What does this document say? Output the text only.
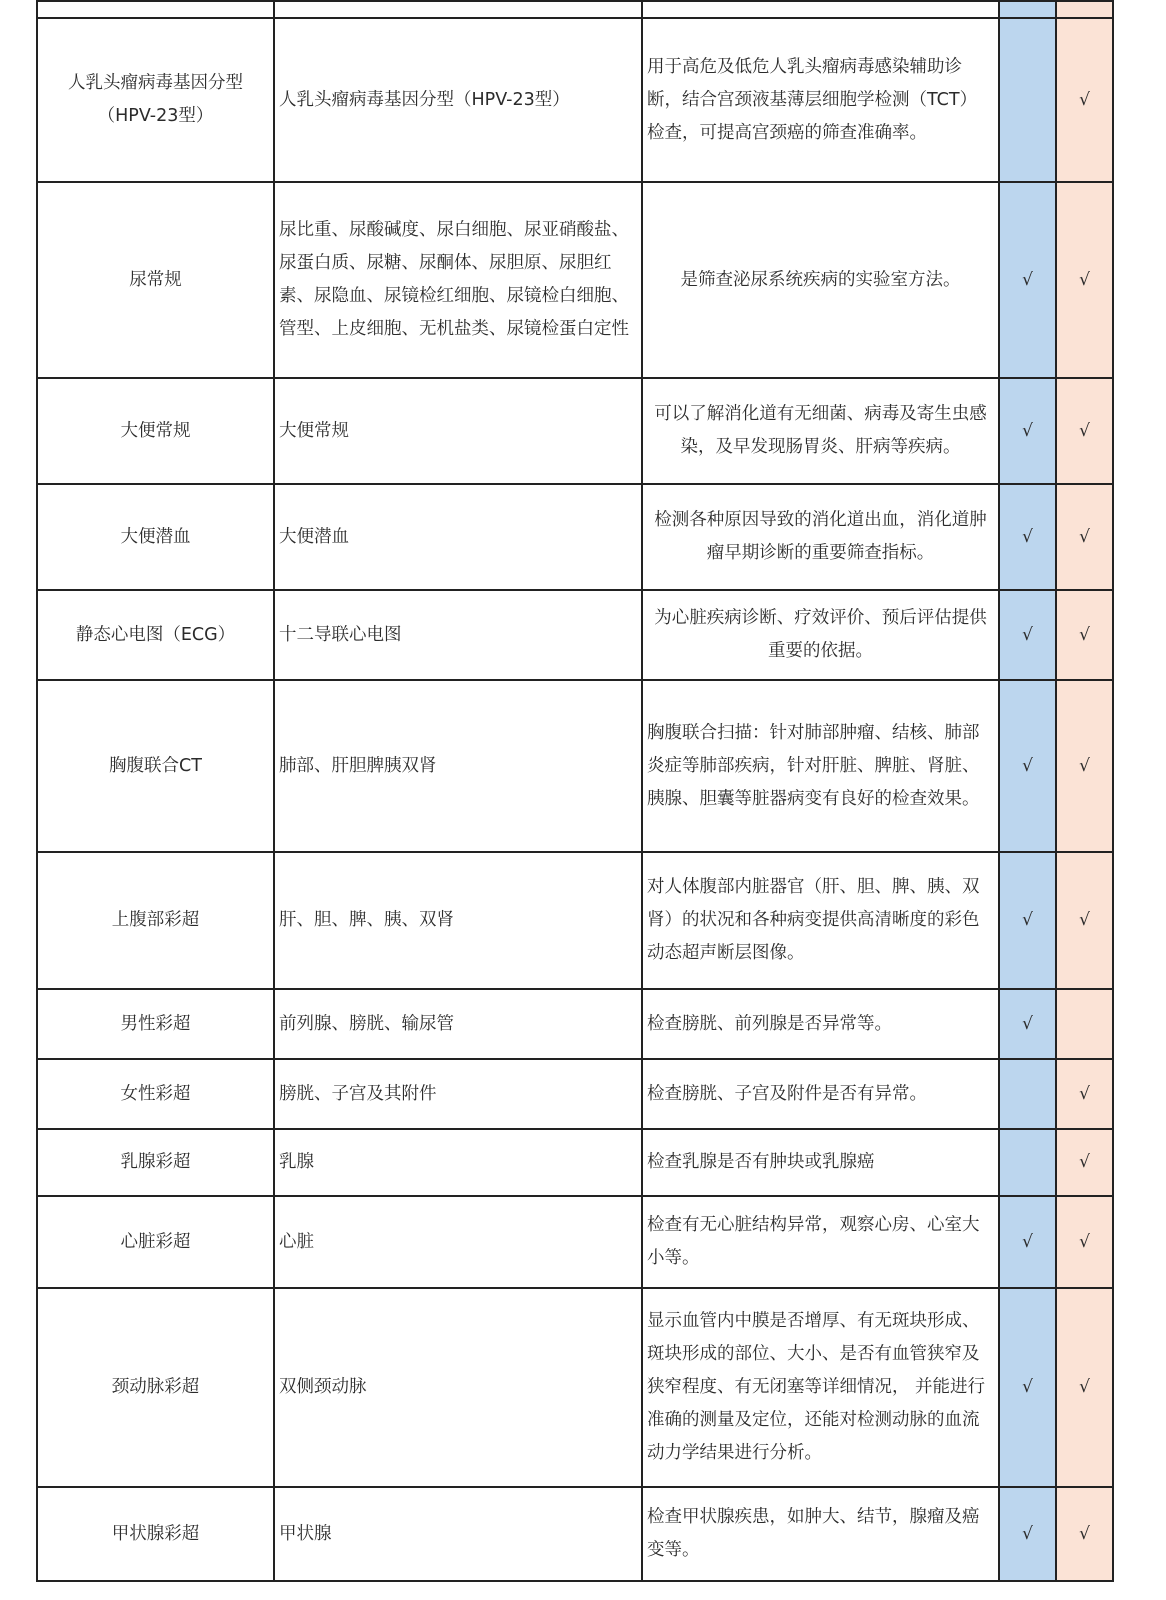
人乳头瘤病毒基因分型（HPV-23型）	人乳头瘤病毒基因分型（HPV-23型）	用于高危及低危人乳头瘤病毒感染辅助诊断，结合宫颈液基薄层细胞学检测（TCT）检查，可提高宫颈癌的筛查准确率。		√
尿常规	尿比重、尿酸碱度、尿白细胞、尿亚硝酸盐、尿蛋白质、尿糖、尿酮体、尿胆原、尿胆红素、尿隐血、尿镜检红细胞、尿镜检白细胞、管型、上皮细胞、无机盐类、尿镜检蛋白定性	是筛查泌尿系统疾病的实验室方法。	√	√
大便常规	大便常规	可以了解消化道有无细菌、病毒及寄生虫感染，及早发现肠胃炎、肝病等疾病。	√	√
大便潜血	大便潜血	检测各种原因导致的消化道出血，消化道肿瘤早期诊断的重要筛查指标。	√	√
静态心电图（ECG）	十二导联心电图	为心脏疾病诊断、疗效评价、预后评估提供重要的依据。	√	√
胸腹联合CT	肺部、肝胆脾胰双肾	胸腹联合扫描：针对肺部肿瘤、结核、肺部炎症等肺部疾病，针对肝脏、脾脏、肾脏、胰腺、胆囊等脏器病变有良好的检查效果。	√	√
上腹部彩超	肝、胆、脾、胰、双肾	对人体腹部内脏器官（肝、胆、脾、胰、双肾）的状况和各种病变提供高清晰度的彩色动态超声断层图像。	√	√
男性彩超	前列腺、膀胱、输尿管	检查膀胱、前列腺是否异常等。	√	
女性彩超	膀胱、子宫及其附件	检查膀胱、子宫及附件是否有异常。		√
乳腺彩超	乳腺	检查乳腺是否有肿块或乳腺癌		√
心脏彩超	心脏	检查有无心脏结构异常，观察心房、心室大小等。	√	√
颈动脉彩超	双侧颈动脉	显示血管内中膜是否增厚、有无斑块形成、斑块形成的部位、大小、是否有血管狭窄及狭窄程度、有无闭塞等详细情况， 并能进行准确的测量及定位，还能对检测动脉的血流动力学结果进行分析。	√	√
甲状腺彩超	甲状腺	检查甲状腺疾患，如肿大、结节，腺瘤及癌变等。	√	√
